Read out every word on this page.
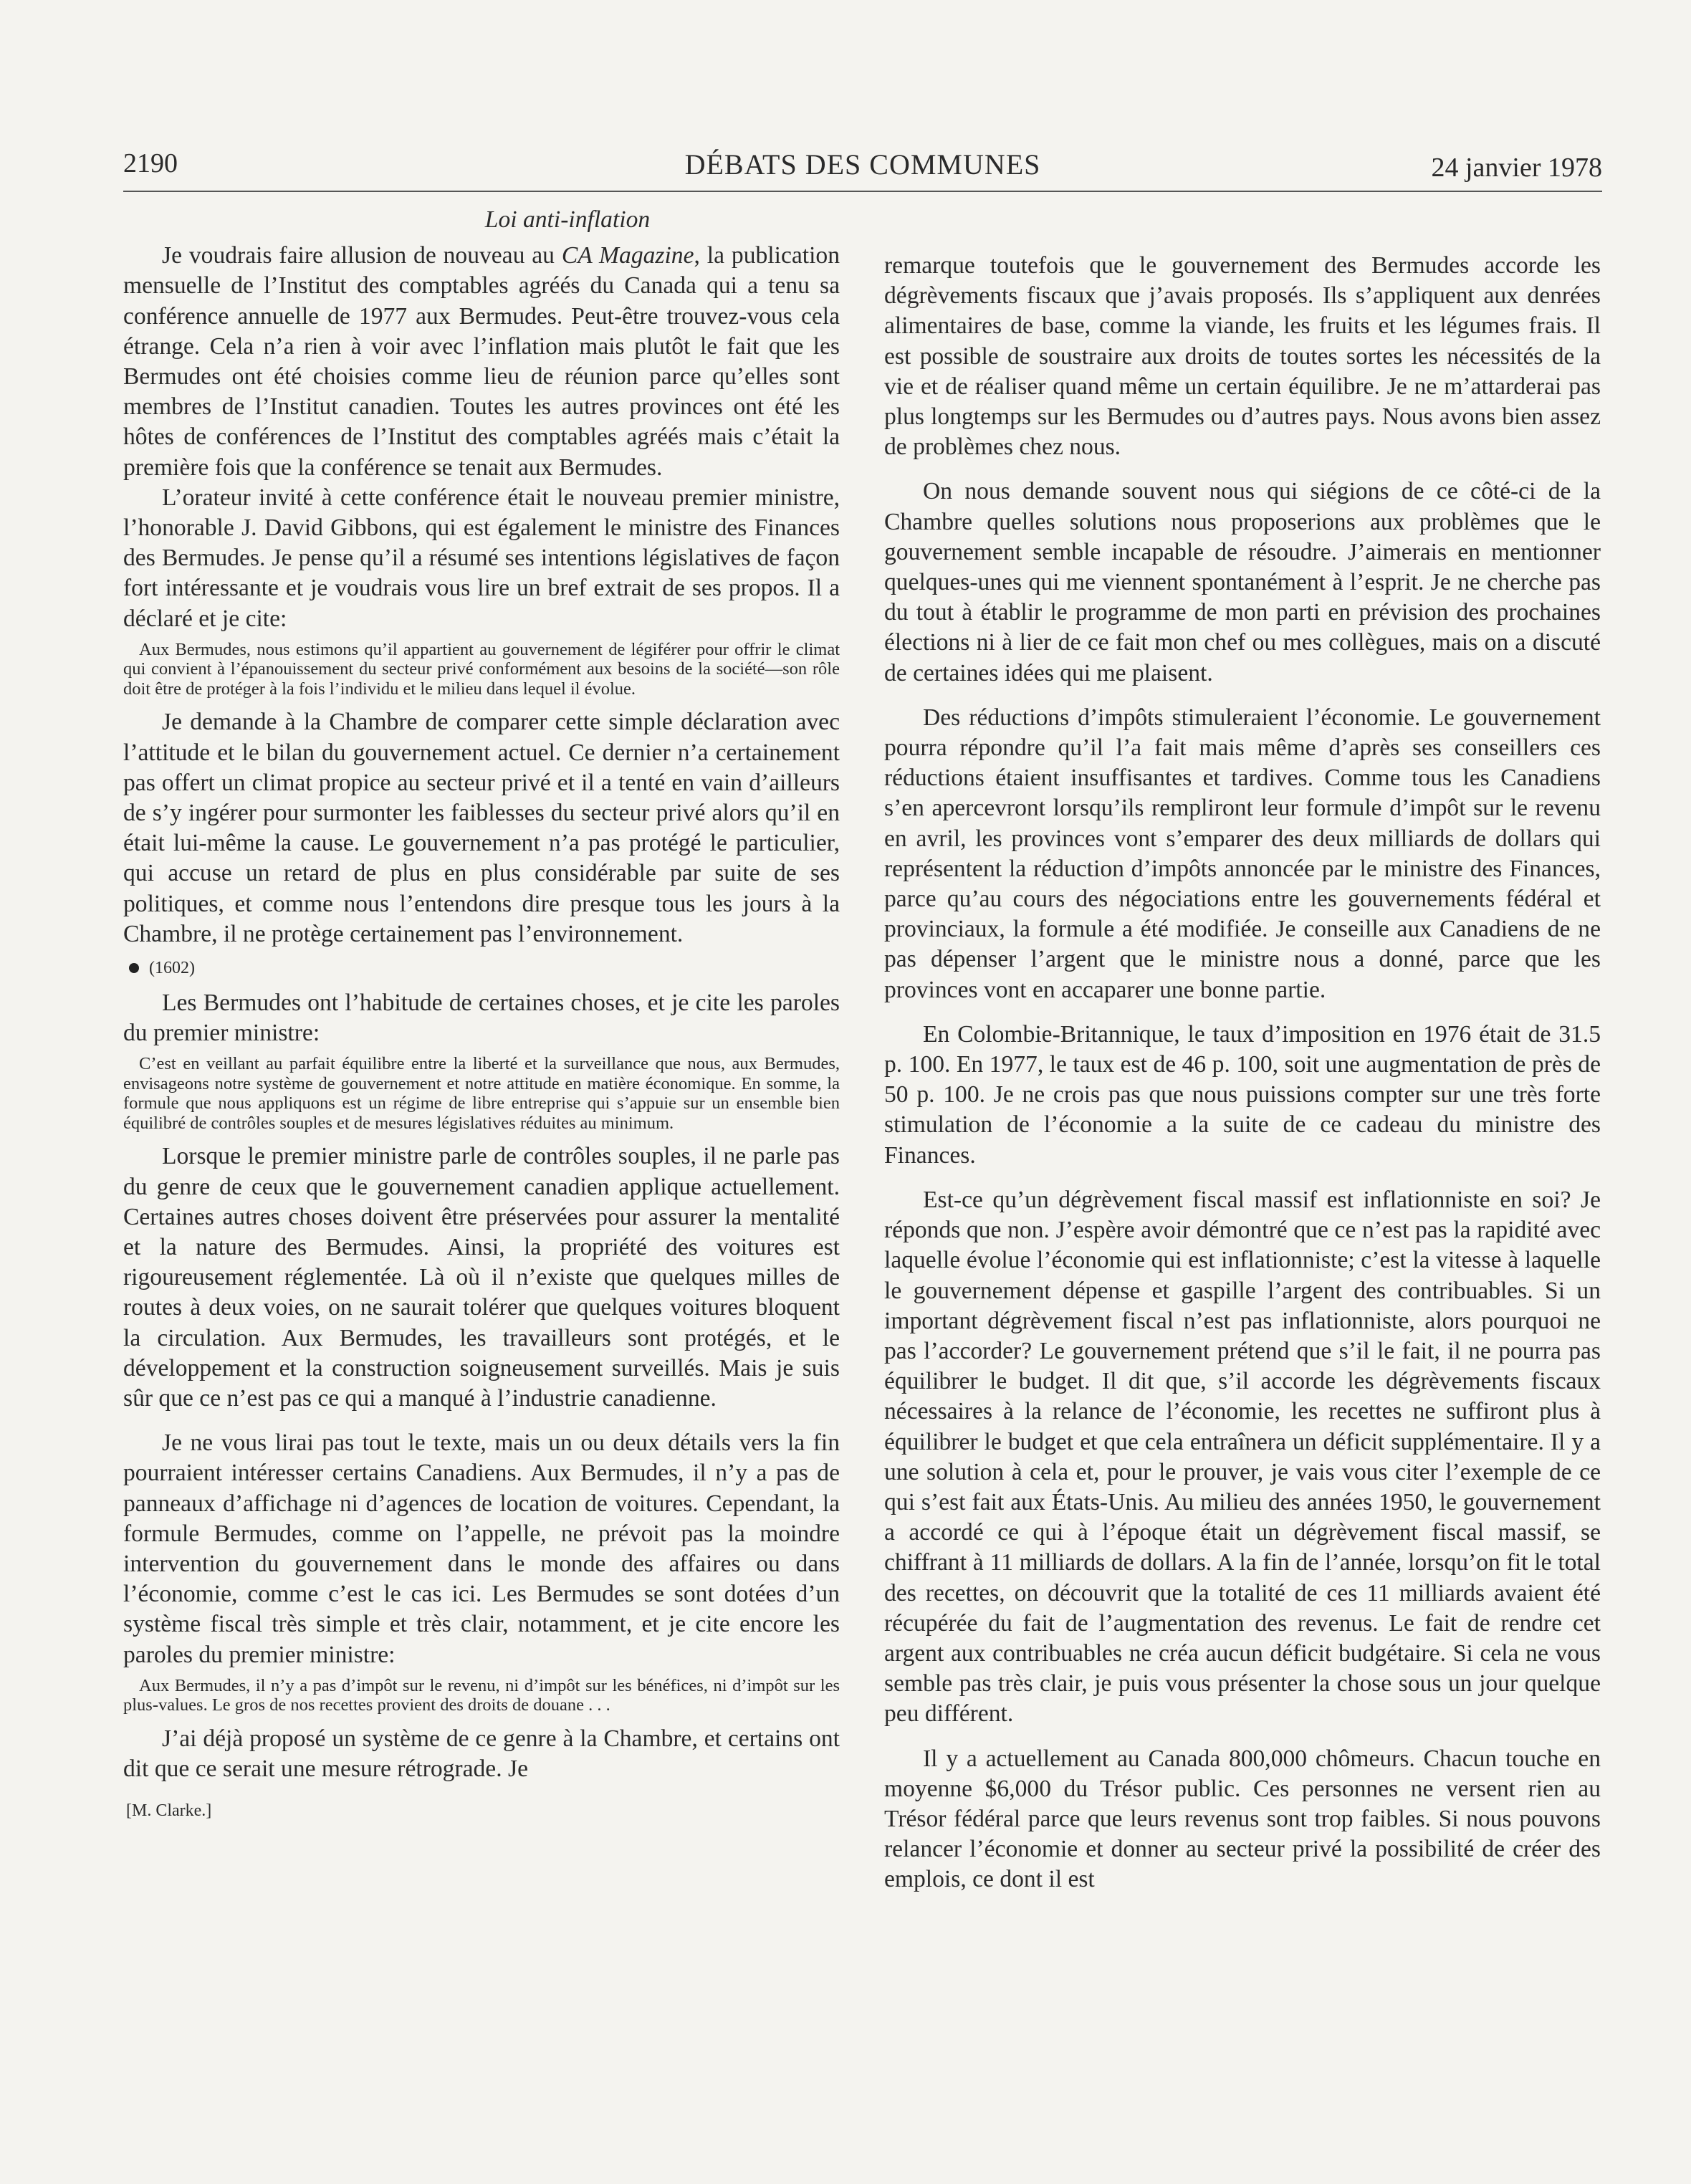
2190	DÉBATS DES COMMUNES	24 janvier 1978

Loi anti-inflation

Je voudrais faire allusion de nouveau au CA Magazine, la publication mensuelle de l’Institut des comptables agréés du Canada qui a tenu sa conférence annuelle de 1977 aux Bermudes. Peut-être trouvez-vous cela étrange. Cela n’a rien à voir avec l’inflation mais plutôt le fait que les Bermudes ont été choisies comme lieu de réunion parce qu’elles sont membres de l’Institut canadien. Toutes les autres provinces ont été les hôtes de conférences de l’Institut des comptables agréés mais c’était la première fois que la conférence se tenait aux Bermudes.

L’orateur invité à cette conférence était le nouveau premier ministre, l’honorable J. David Gibbons, qui est également le ministre des Finances des Bermudes. Je pense qu’il a résumé ses intentions législatives de façon fort intéressante et je voudrais vous lire un bref extrait de ses propos. Il a déclaré et je cite:

Aux Bermudes, nous estimons qu’il appartient au gouvernement de légiférer pour offrir le climat qui convient à l’épanouissement du secteur privé conformément aux besoins de la société—son rôle doit être de protéger à la fois l’individu et le milieu dans lequel il évolue.

Je demande à la Chambre de comparer cette simple déclaration avec l’attitude et le bilan du gouvernement actuel. Ce dernier n’a certainement pas offert un climat propice au secteur privé et il a tenté en vain d’ailleurs de s’y ingérer pour surmonter les faiblesses du secteur privé alors qu’il en était lui-même la cause. Le gouvernement n’a pas protégé le particulier, qui accuse un retard de plus en plus considérable par suite de ses politiques, et comme nous l’entendons dire presque tous les jours à la Chambre, il ne protège certainement pas l’environnement.

(1602)

Les Bermudes ont l’habitude de certaines choses, et je cite les paroles du premier ministre:

C’est en veillant au parfait équilibre entre la liberté et la surveillance que nous, aux Bermudes, envisageons notre système de gouvernement et notre attitude en matière économique. En somme, la formule que nous appliquons est un régime de libre entreprise qui s’appuie sur un ensemble bien équilibré de contrôles souples et de mesures législatives réduites au minimum.

Lorsque le premier ministre parle de contrôles souples, il ne parle pas du genre de ceux que le gouvernement canadien applique actuellement. Certaines autres choses doivent être préservées pour assurer la mentalité et la nature des Bermudes. Ainsi, la propriété des voitures est rigoureusement réglementée. Là où il n’existe que quelques milles de routes à deux voies, on ne saurait tolérer que quelques voitures bloquent la circulation. Aux Bermudes, les travailleurs sont protégés, et le développement et la construction soigneusement surveillés. Mais je suis sûr que ce n’est pas ce qui a manqué à l’industrie canadienne.

Je ne vous lirai pas tout le texte, mais un ou deux détails vers la fin pourraient intéresser certains Canadiens. Aux Bermudes, il n’y a pas de panneaux d’affichage ni d’agences de location de voitures. Cependant, la formule Bermudes, comme on l’appelle, ne prévoit pas la moindre intervention du gouvernement dans le monde des affaires ou dans l’économie, comme c’est le cas ici. Les Bermudes se sont dotées d’un système fiscal très simple et très clair, notamment, et je cite encore les paroles du premier ministre:

Aux Bermudes, il n’y a pas d’impôt sur le revenu, ni d’impôt sur les bénéfices, ni d’impôt sur les plus-values. Le gros de nos recettes provient des droits de douane . . .

J’ai déjà proposé un système de ce genre à la Chambre, et certains ont dit que ce serait une mesure rétrograde. Je

[M. Clarke.]

remarque toutefois que le gouvernement des Bermudes accorde les dégrèvements fiscaux que j’avais proposés. Ils s’appliquent aux denrées alimentaires de base, comme la viande, les fruits et les légumes frais. Il est possible de soustraire aux droits de toutes sortes les nécessités de la vie et de réaliser quand même un certain équilibre. Je ne m’attarderai pas plus longtemps sur les Bermudes ou d’autres pays. Nous avons bien assez de problèmes chez nous.

On nous demande souvent nous qui siégions de ce côté-ci de la Chambre quelles solutions nous proposerions aux problèmes que le gouvernement semble incapable de résoudre. J’aimerais en mentionner quelques-unes qui me viennent spontanément à l’esprit. Je ne cherche pas du tout à établir le programme de mon parti en prévision des prochaines élections ni à lier de ce fait mon chef ou mes collègues, mais on a discuté de certaines idées qui me plaisent.

Des réductions d’impôts stimuleraient l’économie. Le gouvernement pourra répondre qu’il l’a fait mais même d’après ses conseillers ces réductions étaient insuffisantes et tardives. Comme tous les Canadiens s’en apercevront lorsqu’ils rempliront leur formule d’impôt sur le revenu en avril, les provinces vont s’emparer des deux milliards de dollars qui représentent la réduction d’impôts annoncée par le ministre des Finances, parce qu’au cours des négociations entre les gouvernements fédéral et provinciaux, la formule a été modifiée. Je conseille aux Canadiens de ne pas dépenser l’argent que le ministre nous a donné, parce que les provinces vont en accaparer une bonne partie.

En Colombie-Britannique, le taux d’imposition en 1976 était de 31.5 p. 100. En 1977, le taux est de 46 p. 100, soit une augmentation de près de 50 p. 100. Je ne crois pas que nous puissions compter sur une très forte stimulation de l’économie a la suite de ce cadeau du ministre des Finances.

Est-ce qu’un dégrèvement fiscal massif est inflationniste en soi? Je réponds que non. J’espère avoir démontré que ce n’est pas la rapidité avec laquelle évolue l’économie qui est inflationniste; c’est la vitesse à laquelle le gouvernement dépense et gaspille l’argent des contribuables. Si un important dégrèvement fiscal n’est pas inflationniste, alors pourquoi ne pas l’accorder? Le gouvernement prétend que s’il le fait, il ne pourra pas équilibrer le budget. Il dit que, s’il accorde les dégrèvements fiscaux nécessaires à la relance de l’économie, les recettes ne suffiront plus à équilibrer le budget et que cela entraînera un déficit supplémentaire. Il y a une solution à cela et, pour le prouver, je vais vous citer l’exemple de ce qui s’est fait aux États-Unis. Au milieu des années 1950, le gouvernement a accordé ce qui à l’époque était un dégrèvement fiscal massif, se chiffrant à 11 milliards de dollars. A la fin de l’année, lorsqu’on fit le total des recettes, on découvrit que la totalité de ces 11 milliards avaient été récupérée du fait de l’augmentation des revenus. Le fait de rendre cet argent aux contribuables ne créa aucun déficit budgétaire. Si cela ne vous semble pas très clair, je puis vous présenter la chose sous un jour quelque peu différent.

Il y a actuellement au Canada 800,000 chômeurs. Chacun touche en moyenne $6,000 du Trésor public. Ces personnes ne versent rien au Trésor fédéral parce que leurs revenus sont trop faibles. Si nous pouvons relancer l’économie et donner au secteur privé la possibilité de créer des emplois, ce dont il est
